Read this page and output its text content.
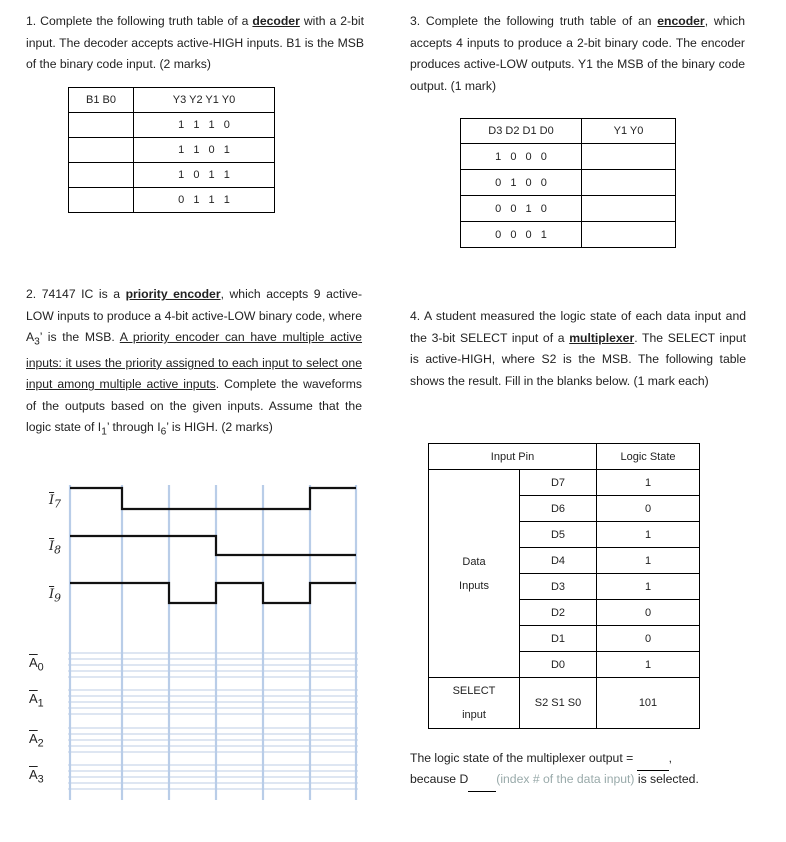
1. Complete the following truth table of a decoder with a 2-bit input. The decoder accepts active-HIGH inputs. B1 is the MSB of the binary code input. (2 marks)
B1 B0	Y3 Y2 Y1 Y0
	1 1 1 0
	1 1 0 1
	1 0 1 1
	0 1 1 1
3. Complete the following truth table of an encoder, which accepts 4 inputs to produce a 2-bit binary code. The encoder produces active-LOW outputs. Y1 the MSB of the binary code output. (1 mark)
D3 D2 D1 D0	Y1 Y0
1 0 0 0	
0 1 0 0	
0 0 1 0	
0 0 0 1	
2. 74147 IC is a priority encoder, which accepts 9 active-LOW inputs to produce a 4-bit active-LOW binary code, where $A_3$’ is the MSB. A priority encoder can have multiple active inputs: it uses the priority assigned to each input to select one input among multiple active inputs. Complete the waveforms of the outputs based on the given inputs. Assume that the logic state of $I_1$’ through $I_6$’ is HIGH. (2 marks)
$\overline{I}_7$
$\overline{I}_8$
$\overline{I}_9$
$\overline{A}_0$
$\overline{A}_1$
$\overline{A}_2$
$\overline{A}_3$
4. A student measured the logic state of each data input and the 3-bit SELECT input of a multiplexer. The SELECT input is active-HIGH, where S2 is the MSB. The following table shows the result. Fill in the blanks below. (1 mark each)
Input Pin		Logic State
Data

Inputs	D7	1
	D6	0
	D5	1
	D4	1
	D3	1
	D2	0
	D1	0
	D0	1
SELECT

input	S2 S1 S0	101
The logic state of the multiplexer output =	,
because D (index # of the data input) is selected.
